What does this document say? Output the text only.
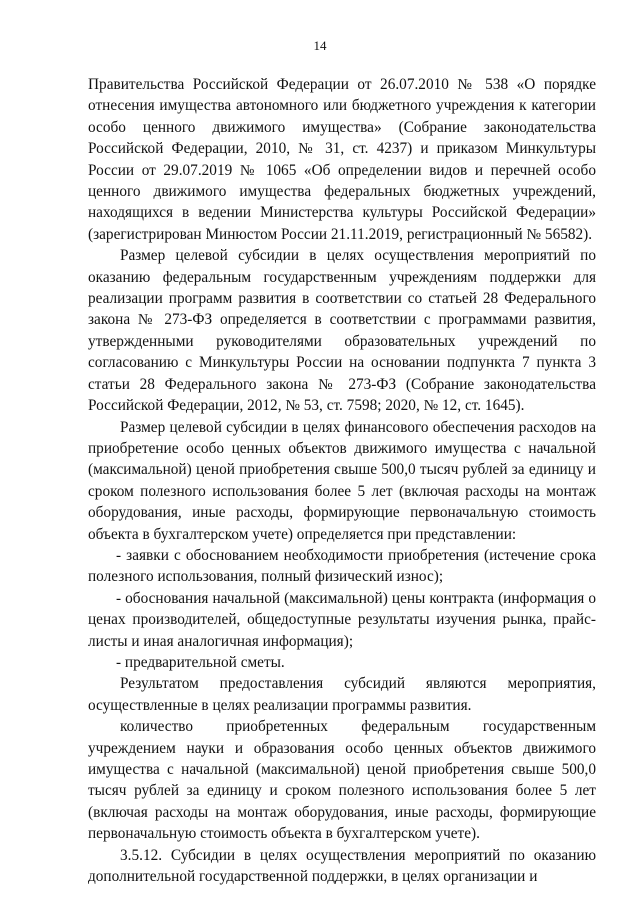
14

Правительства Российской Федерации от 26.07.2010 № 538 «О порядке отнесения имущества автономного или бюджетного учреждения к категории особо ценного движимого имущества» (Собрание законодательства Российской Федерации, 2010, № 31, ст. 4237) и приказом Минкультуры России от 29.07.2019 № 1065 «Об определении видов и перечней особо ценного движимого имущества федеральных бюджетных учреждений, находящихся в ведении Министерства культуры Российской Федерации» (зарегистрирован Минюстом России 21.11.2019, регистрационный № 56582).

Размер целевой субсидии в целях осуществления мероприятий по оказанию федеральным государственным учреждениям поддержки для реализации программ развития в соответствии со статьей 28 Федерального закона № 273-ФЗ определяется в соответствии с программами развития, утвержденными руководителями образовательных учреждений по согласованию с Минкультуры России на основании подпункта 7 пункта 3 статьи 28 Федерального закона № 273-ФЗ (Собрание законодательства Российской Федерации, 2012, № 53, ст. 7598; 2020, № 12, ст. 1645).

Размер целевой субсидии в целях финансового обеспечения расходов на приобретение особо ценных объектов движимого имущества с начальной (максимальной) ценой приобретения свыше 500,0 тысяч рублей за единицу и сроком полезного использования более 5 лет (включая расходы на монтаж оборудования, иные расходы, формирующие первоначальную стоимость объекта в бухгалтерском учете) определяется при представлении:

- заявки с обоснованием необходимости приобретения (истечение срока полезного использования, полный физический износ);

- обоснования начальной (максимальной) цены контракта (информация о ценах производителей, общедоступные результаты изучения рынка, прайс-листы и иная аналогичная информация);

- предварительной сметы.

Результатом предоставления субсидий являются мероприятия, осуществленные в целях реализации программы развития.

количество приобретенных федеральным государственным учреждением науки и образования особо ценных объектов движимого имущества с начальной (максимальной) ценой приобретения свыше 500,0 тысяч рублей за единицу и сроком полезного использования более 5 лет (включая расходы на монтаж оборудования, иные расходы, формирующие первоначальную стоимость объекта в бухгалтерском учете).

3.5.12. Субсидии в целях осуществления мероприятий по оказанию дополнительной государственной поддержки, в целях организации и
